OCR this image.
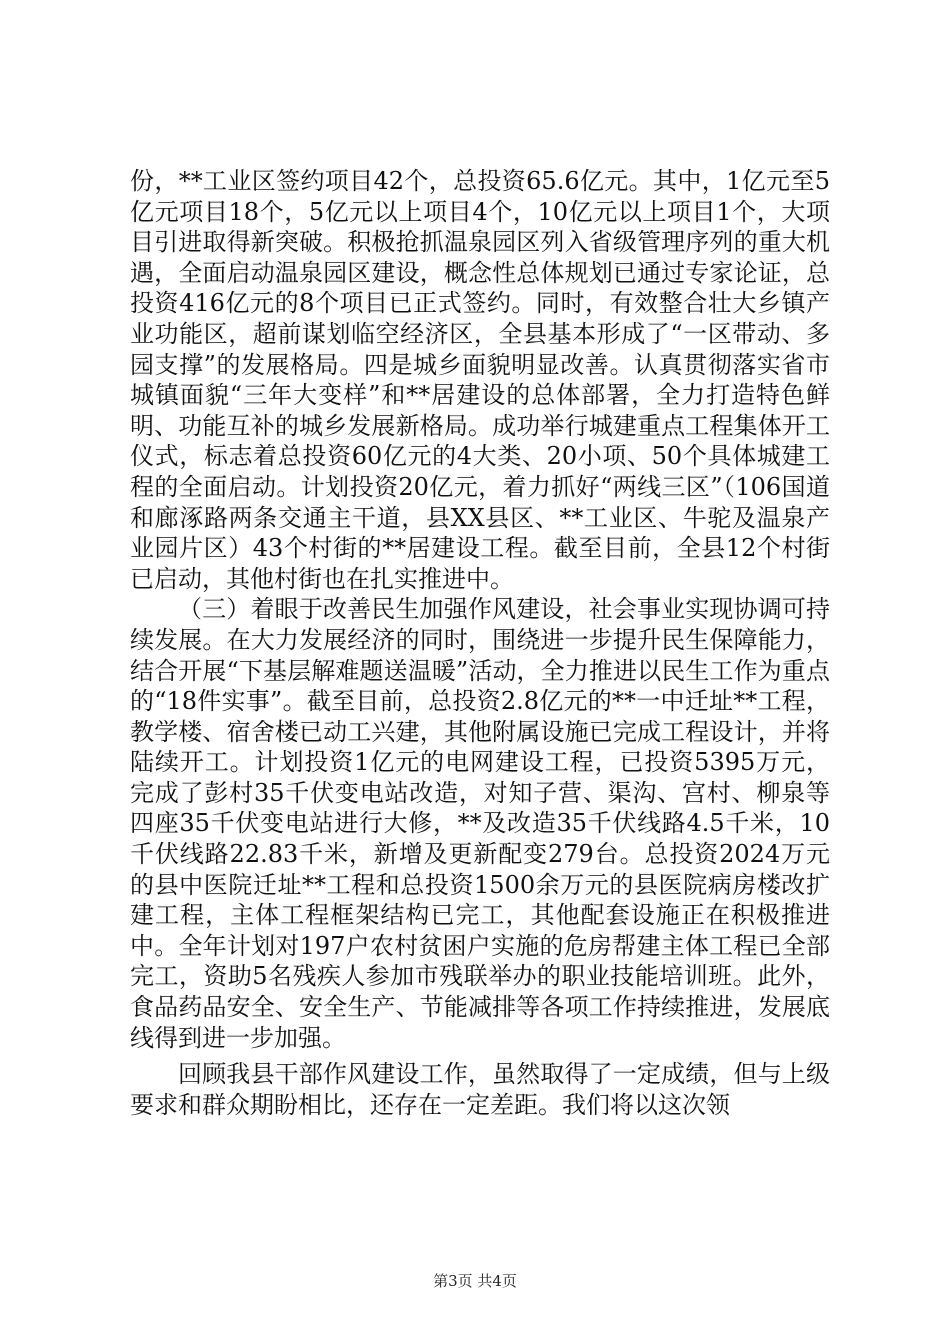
份，**工业区签约项目42个，总投资65.6亿元。其中，1亿元至5亿元项目18个，5亿元以上项目4个，10亿元以上项目1个，大项目引进取得新突破。积极抢抓温泉园区列入省级管理序列的重大机遇，全面启动温泉园区建设，概念性总体规划已通过专家论证，总投资416亿元的8个项目已正式签约。同时，有效整合壮大乡镇产业功能区，超前谋划临空经济区，全县基本形成了“一区带动、多园支撑”的发展格局。四是城乡面貌明显改善。认真贯彻落实省市城镇面貌“三年大变样”和**居建设的总体部署，全力打造特色鲜明、功能互补的城乡发展新格局。成功举行城建重点工程集体开工仪式，标志着总投资60亿元的4大类、20小项、50个具体城建工程的全面启动。计划投资20亿元，着力抓好“两线三区”（106国道和廊涿路两条交通主干道，县XX县区、**工业区、牛驼及温泉产业园片区）43个村街的**居建设工程。截至目前，全县12个村街已启动，其他村街也在扎实推进中。

（三）着眼于改善民生加强作风建设，社会事业实现协调可持续发展。在大力发展经济的同时，围绕进一步提升民生保障能力，结合开展“下基层解难题送温暖”活动，全力推进以民生工作为重点的“18件实事”。截至目前，总投资2.8亿元的**一中迁址**工程，教学楼、宿舍楼已动工兴建，其他附属设施已完成工程设计，并将陆续开工。计划投资1亿元的电网建设工程，已投资5395万元，完成了彭村35千伏变电站改造，对知子营、渠沟、宫村、柳泉等四座35千伏变电站进行大修，**及改造35千伏线路4.5千米，10千伏线路22.83千米，新增及更新配变279台。总投资2024万元的县中医院迁址**工程和总投资1500余万元的县医院病房楼改扩建工程，主体工程框架结构已完工，其他配套设施正在积极推进中。全年计划对197户农村贫困户实施的危房帮建主体工程已全部完工，资助5名残疾人参加市残联举办的职业技能培训班。此外，食品药品安全、安全生产、节能减排等各项工作持续推进，发展底线得到进一步加强。

回顾我县干部作风建设工作，虽然取得了一定成绩，但与上级要求和群众期盼相比，还存在一定差距。我们将以这次领

第3页 共4页
